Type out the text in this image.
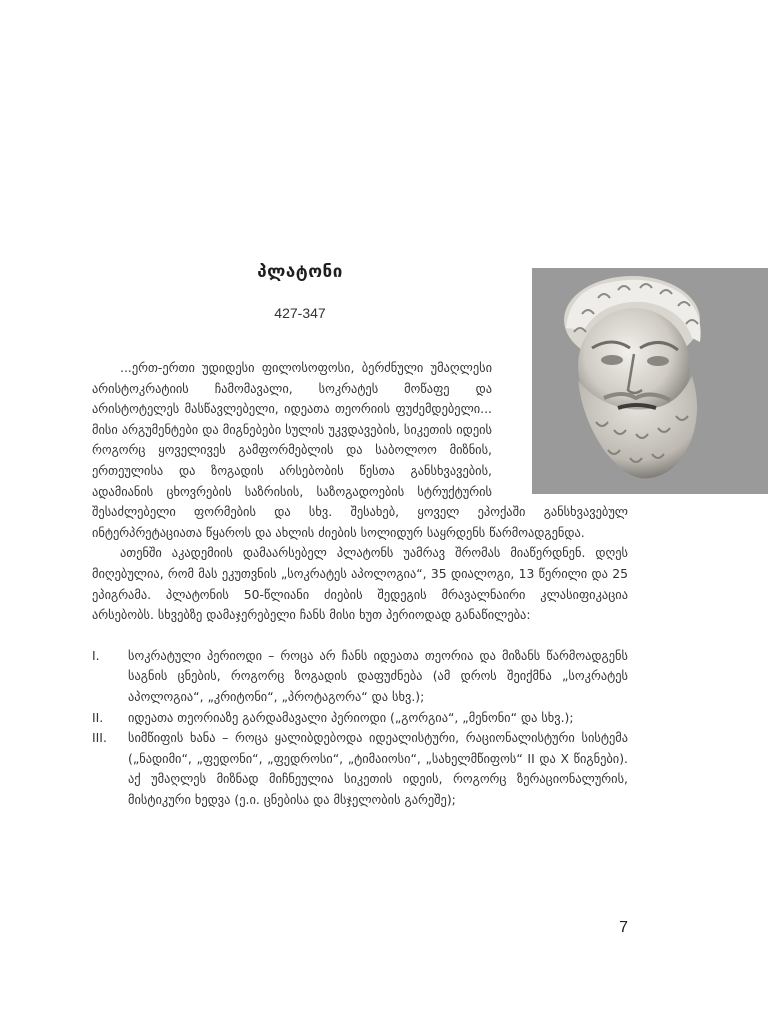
პლატონი
427-347

...ერთ-ერთი უდიდესი ფილოსოფოსი, ბერძნული უმაღლესი არისტოკრატიის ჩამომავალი, სოკრატეს მოწაფე და არისტოტელეს მასწავლებელი, იდეათა თეორიის ფუძემდებელი... მისი არგუმენტები და მიგნებები სულის უკვდავების, სიკეთის იდეის როგორც ყოველივეს გამფორმებლის და საბოლოო მიზნის, ერთეულისა და ზოგადის არსებობის წესთა განსხვავების, ადამიანის ცხოვრების საზრისის, საზოგადოების სტრუქტურის შესაძლებელი ფორმების და სხვ. შესახებ, ყოველ ეპოქაში განსხვავებულ ინტერპრეტაციათა წყაროს და ახლის ძიების სოლიდურ საყრდენს წარმოადგენდა.

ათენში აკადემიის დამაარსებელ პლატონს უამრავ შრომას მიაწერდნენ. დღეს მიღებულია, რომ მას ეკუთვნის „სოკრატეს აპოლოგია“, 35 დიალოგი, 13 წერილი და 25 ეპიგრამა. პლატონის 50-წლიანი ძიების შედეგის მრავალნაირი კლასიფიკაცია არსებობს. სხვებზე დამაჯერებელი ჩანს მისი ხუთ პერიოდად განაწილება:

I.	სოკრატული პერიოდი – როცა არ ჩანს იდეათა თეორია და მიზანს წარმოადგენს საგნის ცნების, როგორც ზოგადის დაფუძნება (ამ დროს შეიქმნა „სოკრატეს აპოლოგია“, „კრიტონი“, „პროტაგორა“ და სხვ.);
II.	იდეათა თეორიაზე გარდამავალი პერიოდი („გორგია“, „მენონი“ და სხვ.);
III.	სიმწიფის ხანა – როცა ყალიბდებოდა იდეალისტური, რაციონალისტური სისტემა („ნადიმი“, „ფედონი“, „ფედროსი“, „ტიმაიოსი“, „სახელმწიფოს“ II და X წიგნები). აქ უმაღლეს მიზნად მიჩნეულია სიკეთის იდეის, როგორც ზერაციონალურის, მისტიკური ხედვა (ე.ი. ცნებისა და მსჯელობის გარეშე);
7
